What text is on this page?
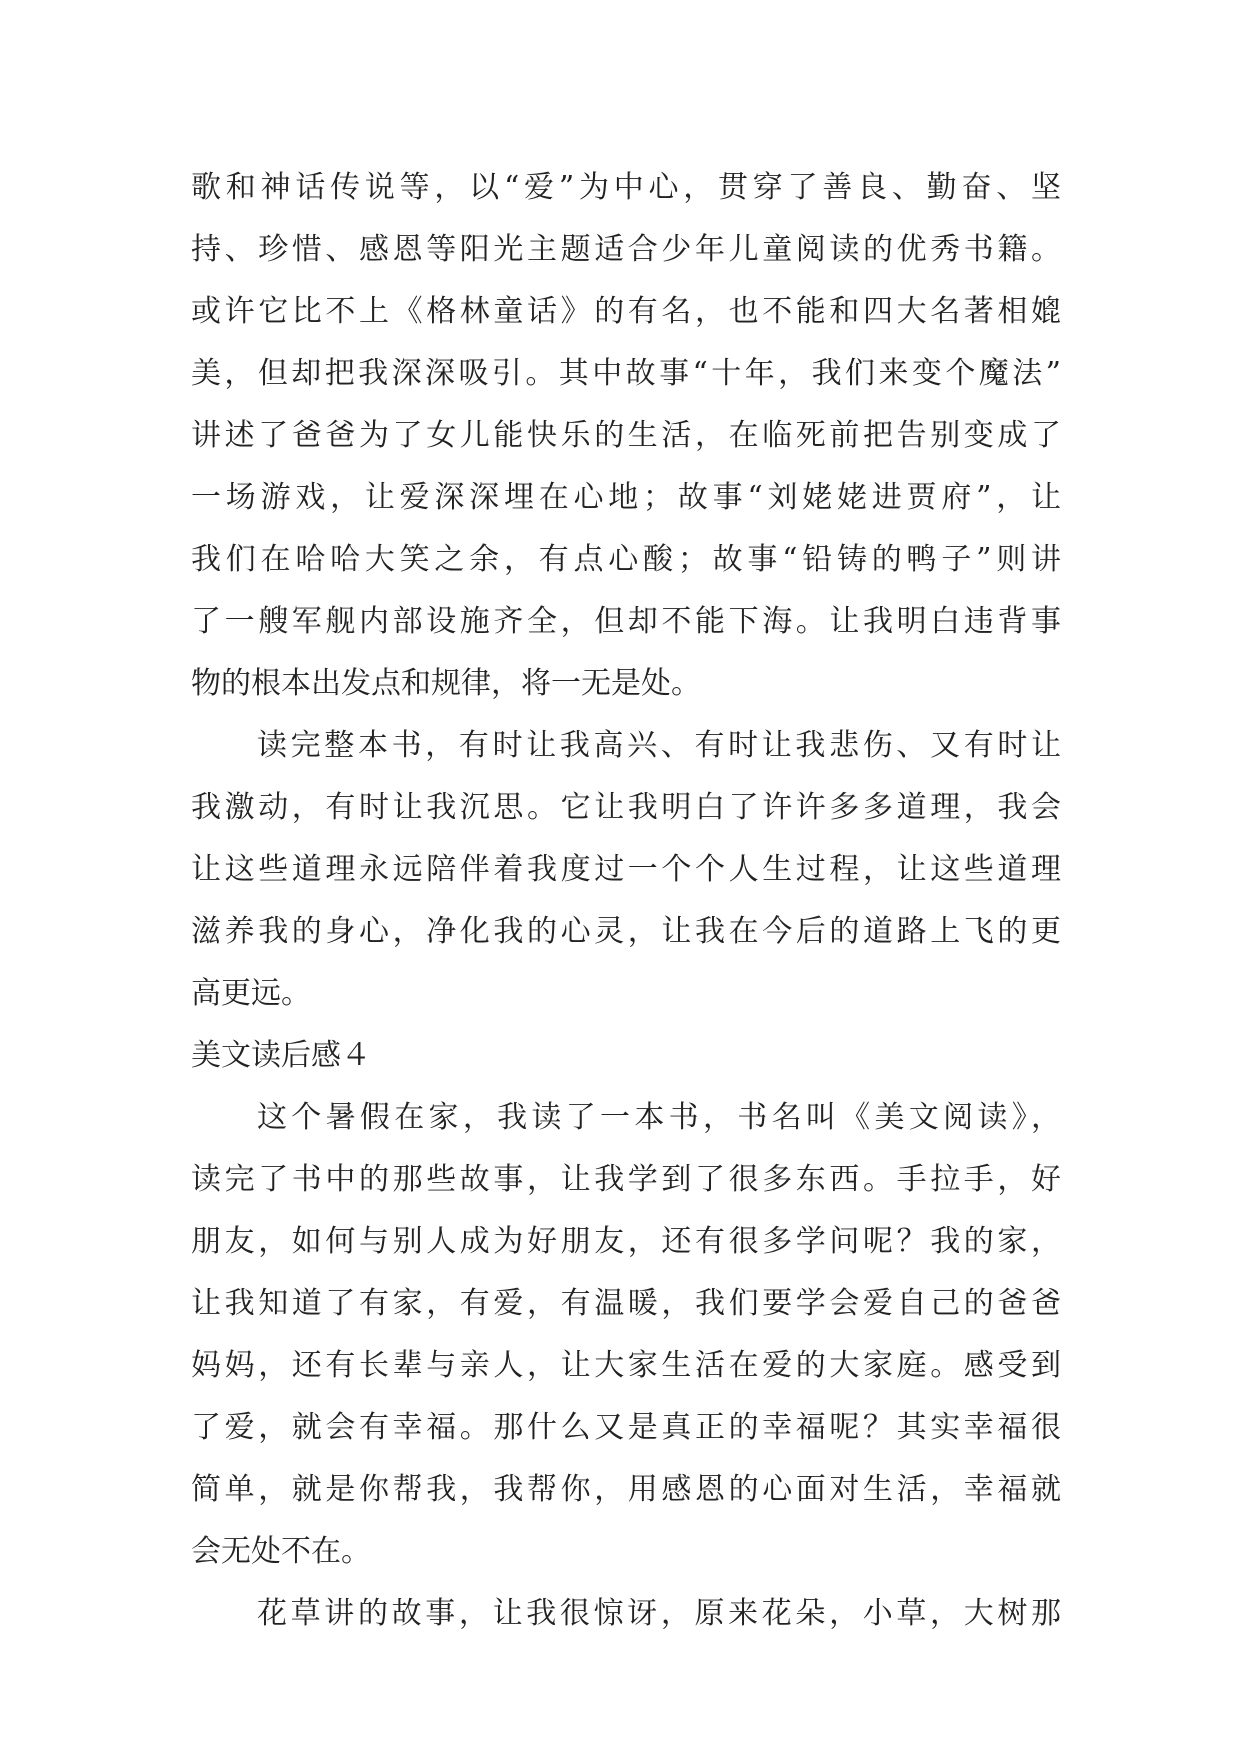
歌和神话传说等，以“爱”为中心，贯穿了善良、勤奋、坚
持、珍惜、感恩等阳光主题适合少年儿童阅读的优秀书籍。
或许它比不上《格林童话》的有名，也不能和四大名著相媲
美，但却把我深深吸引。其中故事“十年，我们来变个魔法”
讲述了爸爸为了女儿能快乐的生活，在临死前把告别变成了
一场游戏，让爱深深埋在心地；故事“刘姥姥进贾府”，让
我们在哈哈大笑之余，有点心酸；故事“铅铸的鸭子”则讲
了一艘军舰内部设施齐全，但却不能下海。让我明白违背事
物的根本出发点和规律，将一无是处。
读完整本书，有时让我高兴、有时让我悲伤、又有时让
我激动，有时让我沉思。它让我明白了许许多多道理，我会
让这些道理永远陪伴着我度过一个个人生过程，让这些道理
滋养我的身心，净化我的心灵，让我在今后的道路上飞的更
高更远。
美文读后感４
这个暑假在家，我读了一本书，书名叫《美文阅读》，
读完了书中的那些故事，让我学到了很多东西。手拉手，好
朋友，如何与别人成为好朋友，还有很多学问呢？我的家，
让我知道了有家，有爱，有温暖，我们要学会爱自己的爸爸
妈妈，还有长辈与亲人，让大家生活在爱的大家庭。感受到
了爱，就会有幸福。那什么又是真正的幸福呢？其实幸福很
简单，就是你帮我，我帮你，用感恩的心面对生活，幸福就
会无处不在。
花草讲的故事，让我很惊讶，原来花朵，小草，大树那
